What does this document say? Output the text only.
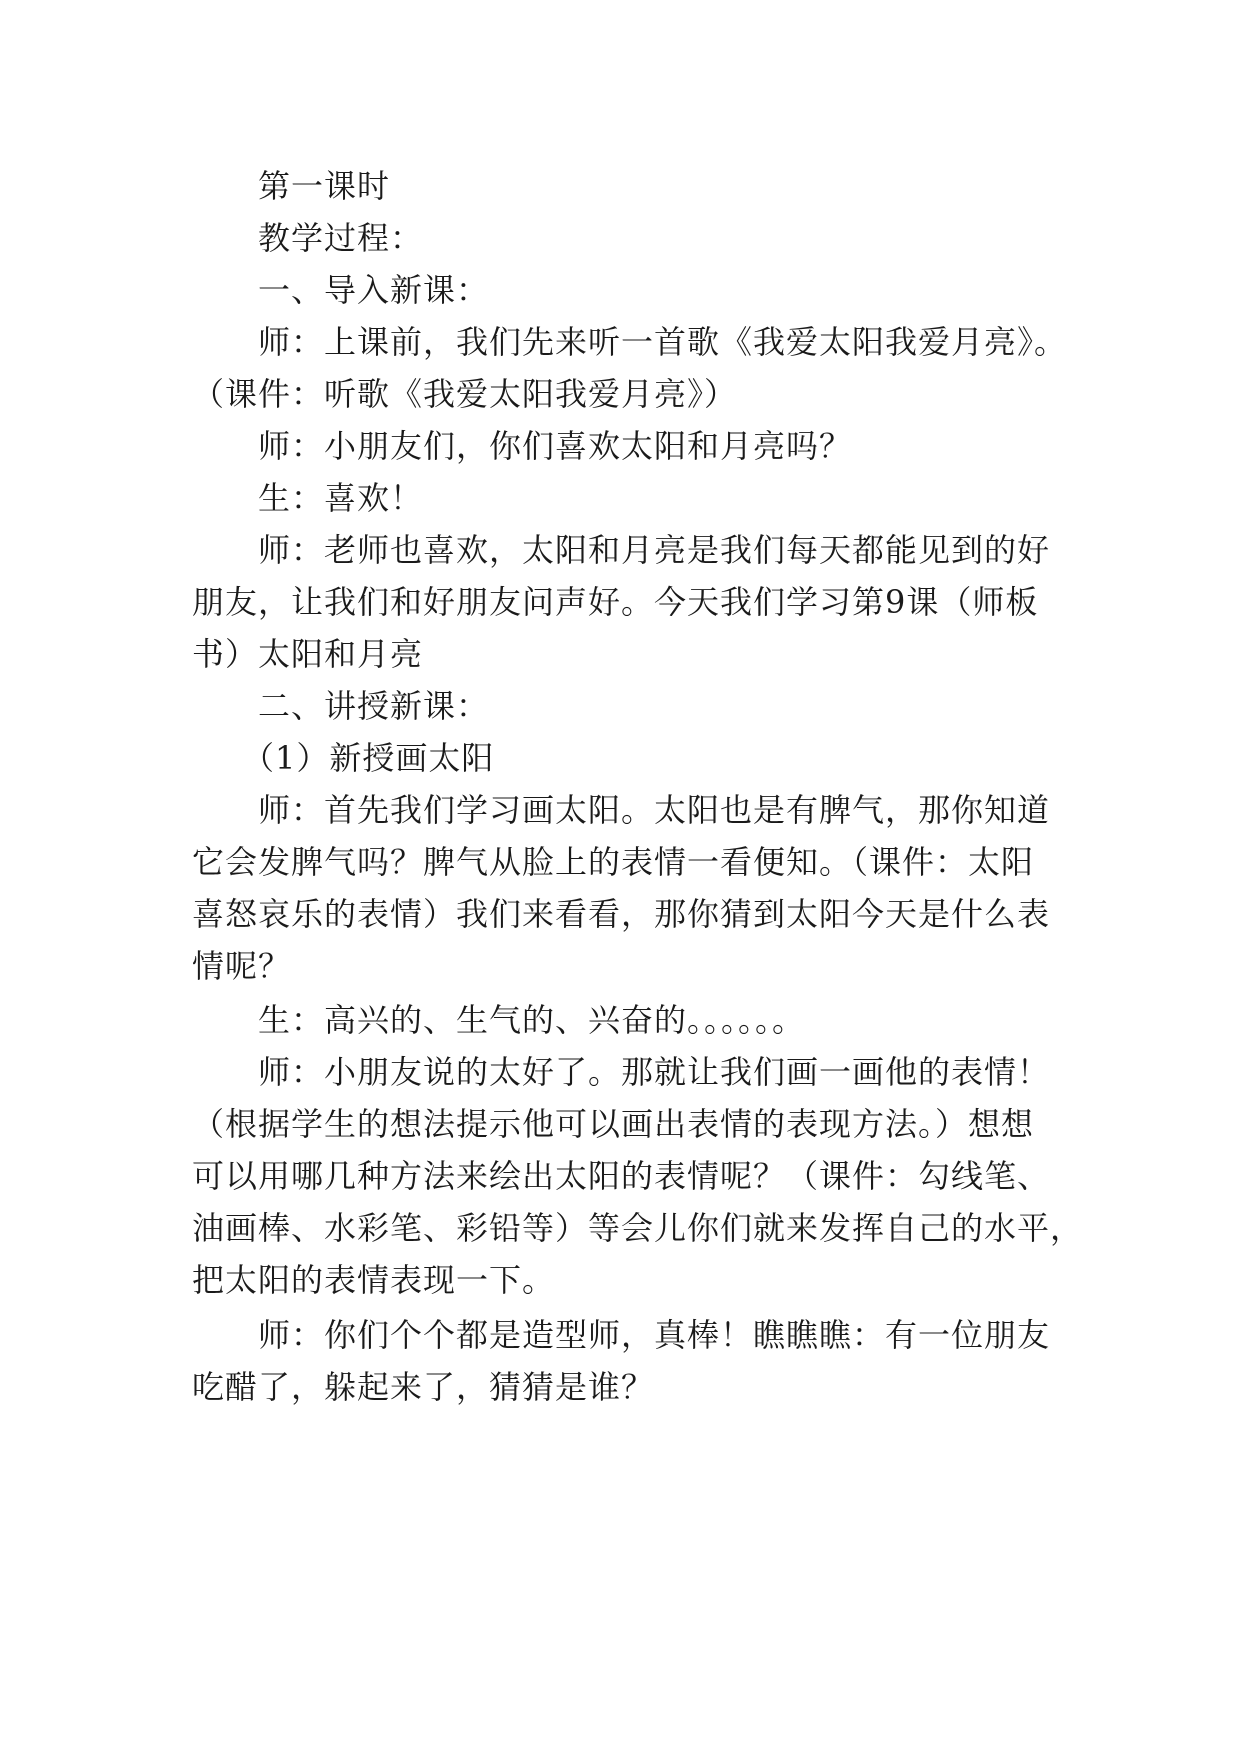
　　第一课时
　　教学过程：
　　一、导入新课：
　　师：上课前，我们先来听一首歌《我爱太阳我爱月亮》。
（课件：听歌《我爱太阳我爱月亮》）
　　师：小朋友们，你们喜欢太阳和月亮吗？
　　生：喜欢！
　　师：老师也喜欢，太阳和月亮是我们每天都能见到的好
朋友，让我们和好朋友问声好。今天我们学习第9课（师板
书）太阳和月亮
　　二、讲授新课：
　　（1）新授画太阳
　　师：首先我们学习画太阳。太阳也是有脾气，那你知道
它会发脾气吗？脾气从脸上的表情一看便知。（课件：太阳
喜怒哀乐的表情）我们来看看，那你猜到太阳今天是什么表
情呢？
　　生：高兴的、生气的、兴奋的。。。。。。
　　师：小朋友说的太好了。那就让我们画一画他的表情！
（根据学生的想法提示他可以画出表情的表现方法。）想想
可以用哪几种方法来绘出太阳的表情呢？（课件：勾线笔、
油画棒、水彩笔、彩铅等）等会儿你们就来发挥自己的水平，
把太阳的表情表现一下。
　　师：你们个个都是造型师，真棒！瞧瞧瞧：有一位朋友
吃醋了，躲起来了，猜猜是谁？
